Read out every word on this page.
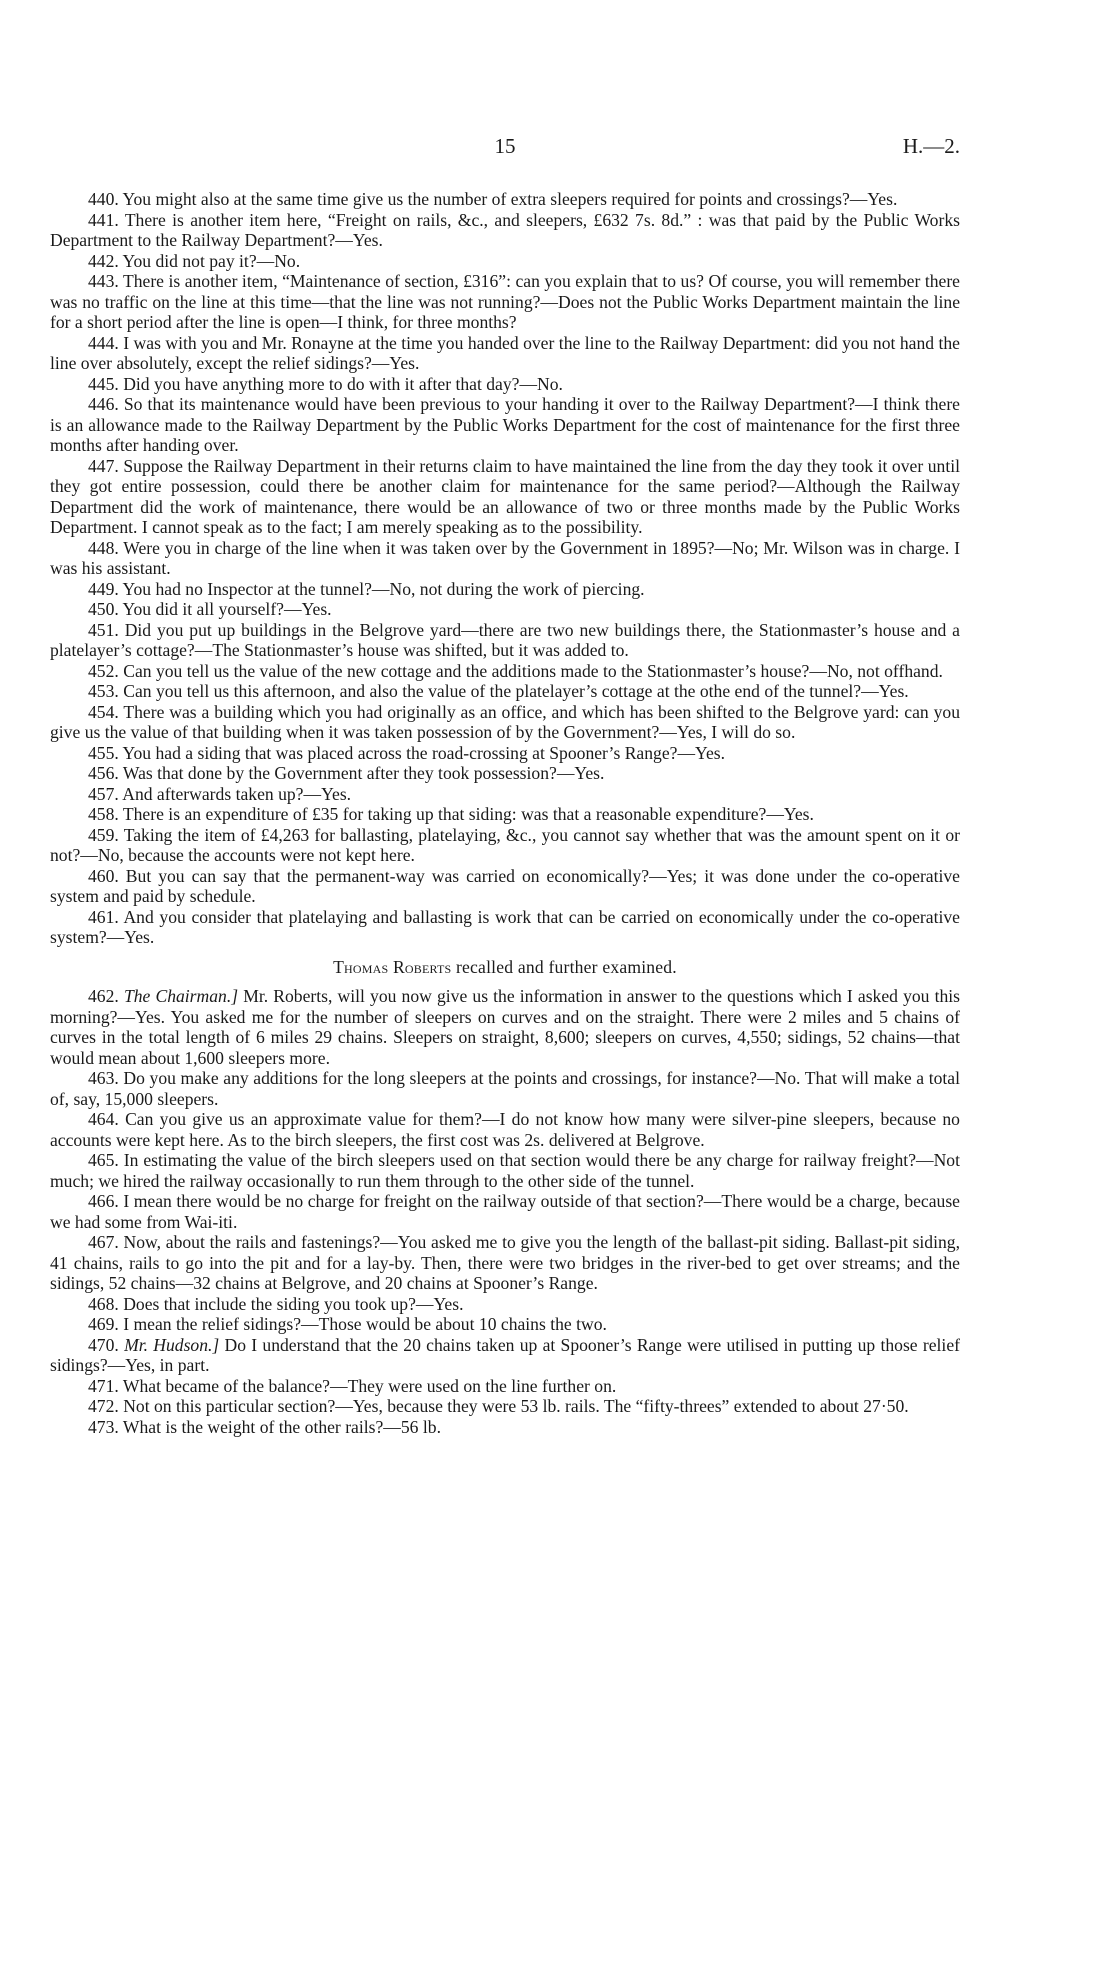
15	H.—2.

440. You might also at the same time give us the number of extra sleepers required for points and crossings?—Yes.

441. There is another item here, “Freight on rails, &c., and sleepers, £632 7s. 8d.” : was that paid by the Public Works Department to the Railway Department?—Yes.

442. You did not pay it?—No.

443. There is another item, “Maintenance of section, £316”: can you explain that to us? Of course, you will remember there was no traffic on the line at this time—that the line was not running?—Does not the Public Works Department maintain the line for a short period after the line is open—I think, for three months?

444. I was with you and Mr. Ronayne at the time you handed over the line to the Railway Department: did you not hand the line over absolutely, except the relief sidings?—Yes.

445. Did you have anything more to do with it after that day?—No.

446. So that its maintenance would have been previous to your handing it over to the Railway Department?—I think there is an allowance made to the Railway Department by the Public Works Department for the cost of maintenance for the first three months after handing over.

447. Suppose the Railway Department in their returns claim to have maintained the line from the day they took it over until they got entire possession, could there be another claim for maintenance for the same period?—Although the Railway Department did the work of maintenance, there would be an allowance of two or three months made by the Public Works Department. I cannot speak as to the fact; I am merely speaking as to the possibility.

448. Were you in charge of the line when it was taken over by the Government in 1895?—No; Mr. Wilson was in charge. I was his assistant.

449. You had no Inspector at the tunnel?—No, not during the work of piercing.

450. You did it all yourself?—Yes.

451. Did you put up buildings in the Belgrove yard—there are two new buildings there, the Stationmaster’s house and a platelayer’s cottage?—The Stationmaster’s house was shifted, but it was added to.

452. Can you tell us the value of the new cottage and the additions made to the Stationmaster’s house?—No, not offhand.

453. Can you tell us this afternoon, and also the value of the platelayer’s cottage at the othe end of the tunnel?—Yes.

454. There was a building which you had originally as an office, and which has been shifted to the Belgrove yard: can you give us the value of that building when it was taken possession of by the Government?—Yes, I will do so.

455. You had a siding that was placed across the road-crossing at Spooner’s Range?—Yes.

456. Was that done by the Government after they took possession?—Yes.

457. And afterwards taken up?—Yes.

458. There is an expenditure of £35 for taking up that siding: was that a reasonable expenditure?—Yes.

459. Taking the item of £4,263 for ballasting, platelaying, &c., you cannot say whether that was the amount spent on it or not?—No, because the accounts were not kept here.

460. But you can say that the permanent-way was carried on economically?—Yes; it was done under the co-operative system and paid by schedule.

461. And you consider that platelaying and ballasting is work that can be carried on economically under the co-operative system?—Yes.

Thomas Roberts recalled and further examined.

462. The Chairman.] Mr. Roberts, will you now give us the information in answer to the questions which I asked you this morning?—Yes. You asked me for the number of sleepers on curves and on the straight. There were 2 miles and 5 chains of curves in the total length of 6 miles 29 chains. Sleepers on straight, 8,600; sleepers on curves, 4,550; sidings, 52 chains—that would mean about 1,600 sleepers more.

463. Do you make any additions for the long sleepers at the points and crossings, for instance?—No. That will make a total of, say, 15,000 sleepers.

464. Can you give us an approximate value for them?—I do not know how many were silver-pine sleepers, because no accounts were kept here. As to the birch sleepers, the first cost was 2s. delivered at Belgrove.

465. In estimating the value of the birch sleepers used on that section would there be any charge for railway freight?—Not much; we hired the railway occasionally to run them through to the other side of the tunnel.

466. I mean there would be no charge for freight on the railway outside of that section?—There would be a charge, because we had some from Wai-iti.

467. Now, about the rails and fastenings?—You asked me to give you the length of the ballast-pit siding. Ballast-pit siding, 41 chains, rails to go into the pit and for a lay-by. Then, there were two bridges in the river-bed to get over streams; and the sidings, 52 chains—32 chains at Belgrove, and 20 chains at Spooner’s Range.

468. Does that include the siding you took up?—Yes.

469. I mean the relief sidings?—Those would be about 10 chains the two.

470. Mr. Hudson.] Do I understand that the 20 chains taken up at Spooner’s Range were utilised in putting up those relief sidings?—Yes, in part.

471. What became of the balance?—They were used on the line further on.

472. Not on this particular section?—Yes, because they were 53 lb. rails. The “fifty-threes” extended to about 27·50.

473. What is the weight of the other rails?—56 lb.
